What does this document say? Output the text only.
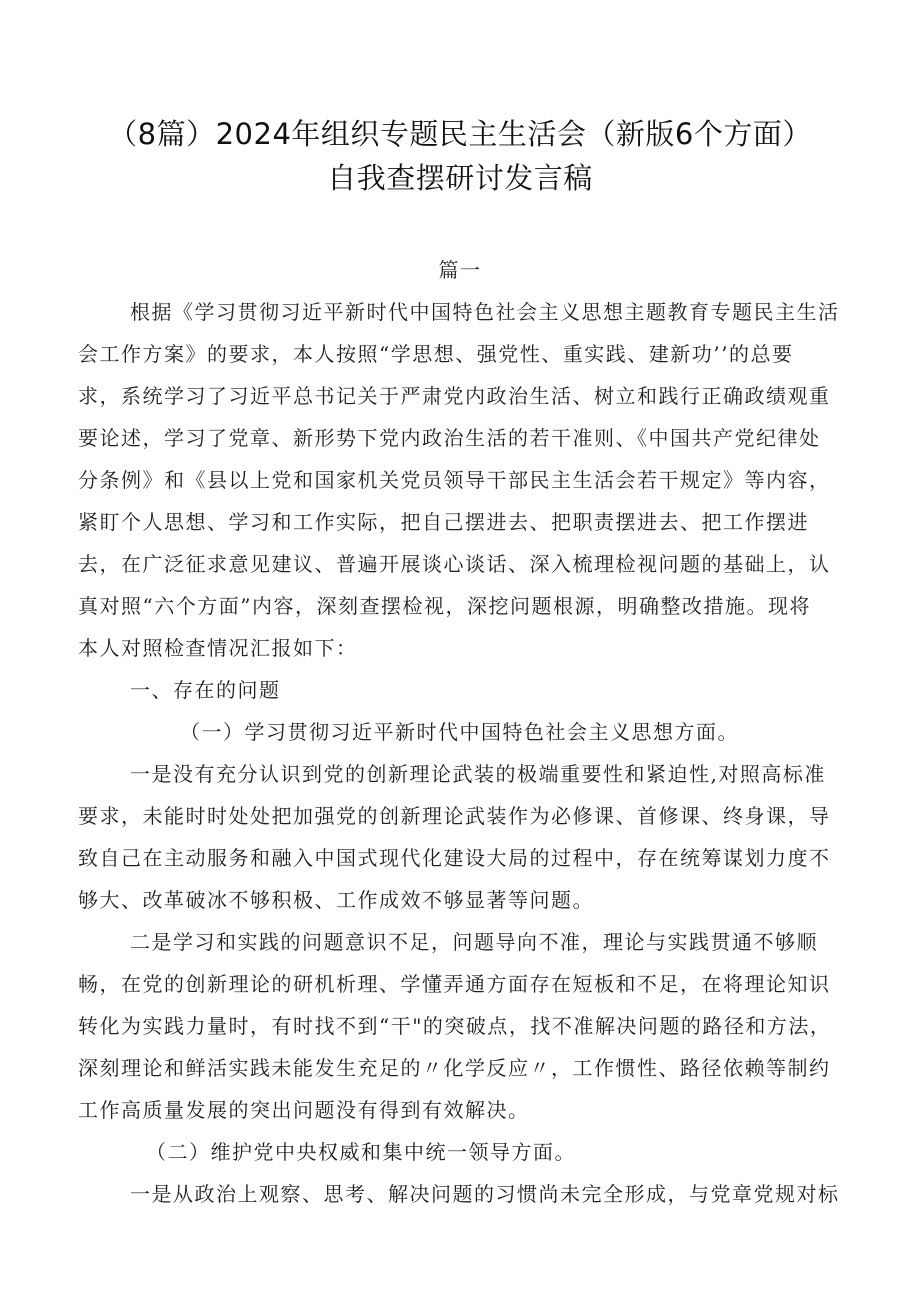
（8篇）2024年组织专题民主生活会（新版6个方面）
自我查摆研讨发言稿
篇一
根据《学习贯彻习近平新时代中国特色社会主义思想主题教育专题民主生活
会工作方案》的要求，本人按照“学思想、强党性、重实践、建新功’’的总要
求，系统学习了习近平总书记关于严肃党内政治生活、树立和践行正确政绩观重
要论述，学习了党章、新形势下党内政治生活的若干准则、《中国共产党纪律处
分条例》和《县以上党和国家机关党员领导干部民主生活会若干规定》等内容，
紧盯个人思想、学习和工作实际，把自己摆进去、把职责摆进去、把工作摆进
去，在广泛征求意见建议、普遍开展谈心谈话、深入梳理检视问题的基础上，认
真对照“六个方面”内容，深刻查摆检视，深挖问题根源，明确整改措施。现将
本人对照检查情况汇报如下：
一、存在的问题
（一）学习贯彻习近平新时代中国特色社会主义思想方面。
一是没有充分认识到党的创新理论武装的极端重要性和紧迫性,对照高标准
要求，未能时时处处把加强党的创新理论武装作为必修课、首修课、终身课，导
致自己在主动服务和融入中国式现代化建设大局的过程中，存在统筹谋划力度不
够大、改革破冰不够积极、工作成效不够显著等问题。
二是学习和实践的问题意识不足，问题导向不准，理论与实践贯通不够顺
畅，在党的创新理论的研机析理、学懂弄通方面存在短板和不足，在将理论知识
转化为实践力量时，有时找不到“干"的突破点，找不准解决问题的路径和方法，
深刻理论和鲜活实践未能发生充足的〃化学反应〃，工作惯性、路径依赖等制约
工作高质量发展的突出问题没有得到有效解决。
（二）维护党中央权威和集中统一领导方面。
一是从政治上观察、思考、解决问题的习惯尚未完全形成，与党章党规对标
